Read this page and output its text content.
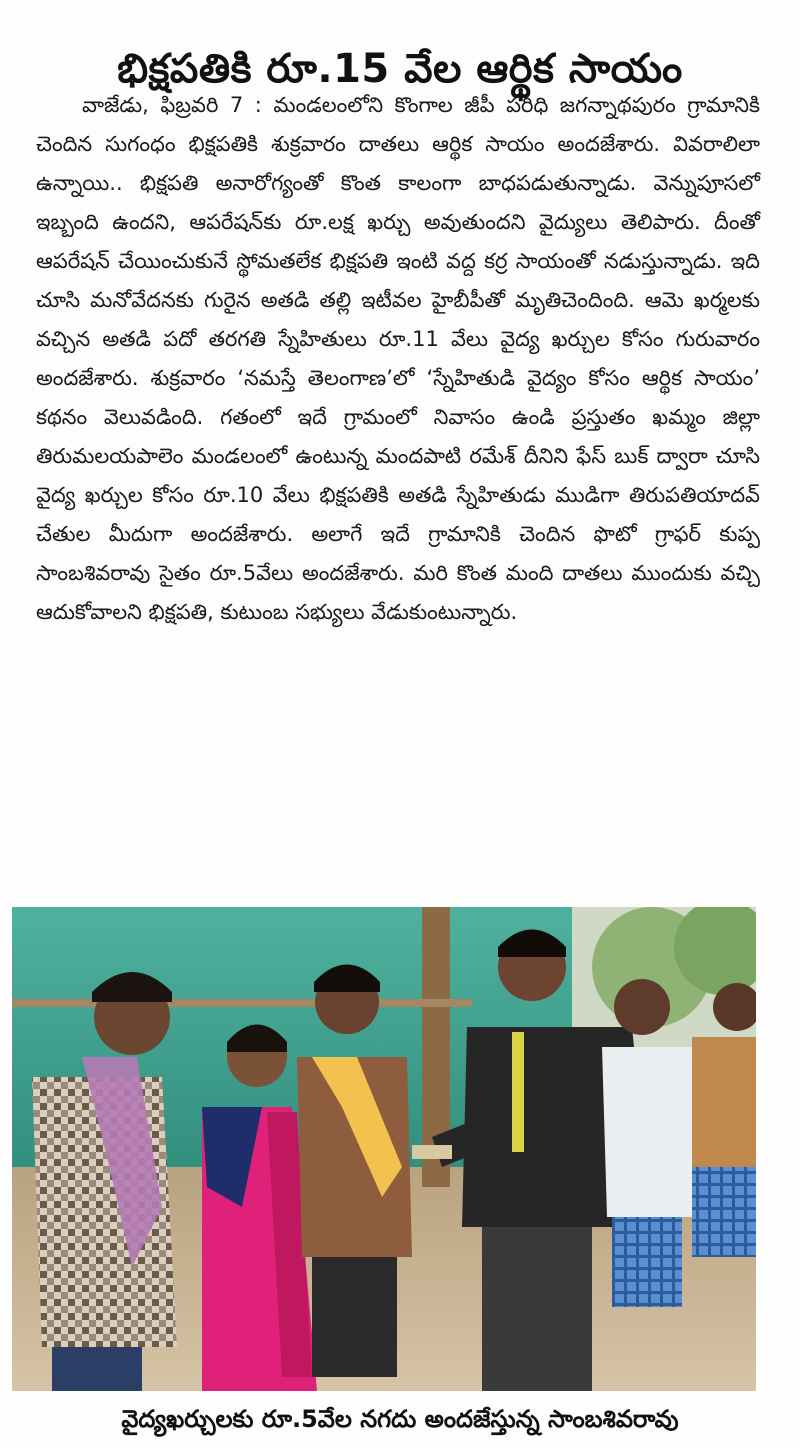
భిక్షపతికి రూ.15 వేల ఆర్థిక సాయం

వాజేడు, ఫిబ్రవరి 7 : మండలంలోని కొంగాల జీపీ పరిధి జగన్నాథపురం గ్రామానికి చెందిన సుగంధం భిక్షపతికి శుక్రవారం దాతలు ఆర్థిక సాయం అందజేశారు. వివరాలిలా ఉన్నాయి.. భిక్షపతి అనారోగ్యంతో కొంత కాలంగా బాధపడుతున్నాడు. వెన్నుపూసలో ఇబ్బంది ఉందని, ఆపరేషన్‌కు రూ.లక్ష ఖర్చు అవుతుందని వైద్యులు తెలిపారు. దీంతో ఆపరేషన్ చేయించుకునే స్థోమతలేక భిక్షపతి ఇంటి వద్ద కర్ర సాయంతో నడుస్తున్నాడు. ఇది చూసి మనోవేదనకు గురైన అతడి తల్లి ఇటీవల హైబీపీతో మృతిచెందింది. ఆమె ఖర్మలకు వచ్చిన అతడి పదో తరగతి స్నేహితులు రూ.11 వేలు వైద్య ఖర్చుల కోసం గురువారం అందజేశారు. శుక్రవారం ‘నమస్తే తెలంగాణ’లో ‘స్నేహితుడి వైద్యం కోసం ఆర్థిక సాయం’ కథనం వెలువడింది. గతంలో ఇదే గ్రామంలో నివాసం ఉండి ప్రస్తుతం ఖమ్మం జిల్లా తిరుమలయపాలెం మండలంలో ఉంటున్న మందపాటి రమేశ్ దీనిని ఫేస్ బుక్ ద్వారా చూసి వైద్య ఖర్చుల కోసం రూ.10 వేలు భిక్షపతికి అతడి స్నేహితుడు ముడిగా తిరుపతియాదవ్ చేతుల మీదుగా అందజేశారు. అలాగే ఇదే గ్రామానికి చెందిన ఫొటో గ్రాఫర్ కుప్ప సాంబశివరావు సైతం రూ.5వేలు అందజేశారు. మరి కొంత మంది దాతలు ముందుకు వచ్చి ఆదుకోవాలని భిక్షపతి, కుటుంబ సభ్యులు వేడుకుంటున్నారు.

వైద్యఖర్చులకు రూ.5వేల నగదు అందజేస్తున్న సాంబశివరావు
